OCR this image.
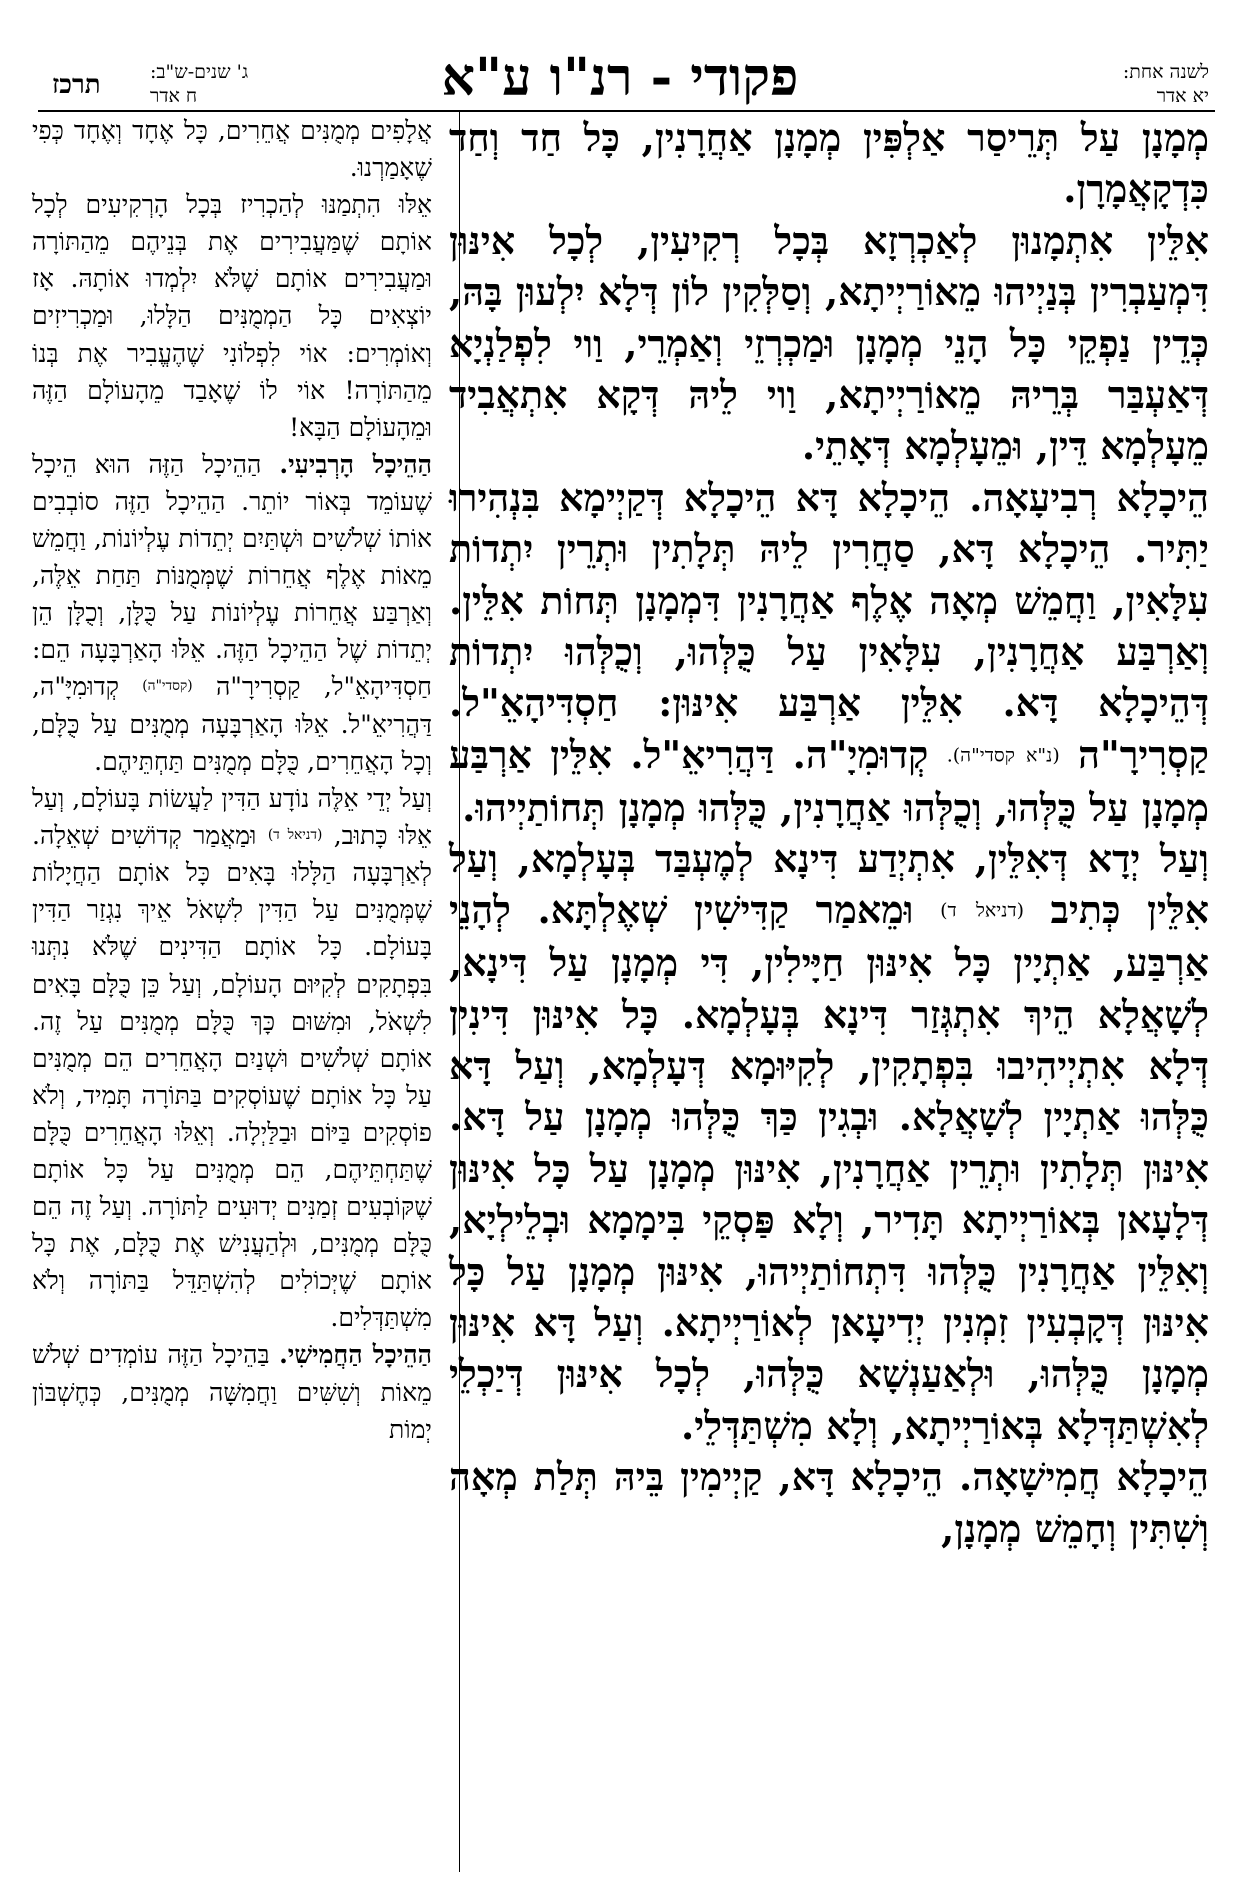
לשנה אחת:
יא אדר
פקודי - רנ"ו ע"א
ג' שנים-ש"ב:
ח אדר
תרכז

מְמָנָן עַל תְּרֵיסַר אַלְפִּין מְמָנָן אַחֲרָנִין, כָּל חַד וְחַד כִּדְקָאֲמָרָן.

אִלֵּין אִתְמָנוּן לְאַכְרְזָא בְּכָל רְקִיעִין, לְכָל אִינּוּן דִּמְעַבְרִין בְּנַיְיהוּ מֵאוֹרַיְיתָא, וְסַלְּקִין לוֹן דְּלָא יִלְעוּן בָּהּ, כְּדֵין נַפְקֵי כָּל הָנֵי מְמָנָן וּמַכְרְזֵי וְאַמְרֵי, וַוי לִפְלַנְיָא דְּאַעְבַּר בְּרֵיהּ מֵאוֹרַיְיתָא, וַוי לֵיהּ דְּקָא אִתְאֲבִיד מֵעָלְמָא דֵּין, וּמֵעָלְמָא דְּאָתֵי.

הֵיכָלָא רְבִיעָאָה. הֵיכָלָא דָּא הֵיכָלָא דְּקַיְימָא בִּנְהִירוּ יַתִּיר. הֵיכָלָא דָּא, סַחֲרִין לֵיהּ תְּלָתִין וּתְרֵין יִתְדוֹת עִלָּאִין, וַחֲמֵשׁ מְאָה אֶלֶף אַחֲרָנִין דִּמְמָנָן תְּחוֹת אִלֵּין. וְאַרְבַּע אַחֲרָנִין, עִלָּאִין עַל כֻּלְּהוּ, וְכֻלְּהוּ יִתְדוֹת דְּהֵיכָלָא דָּא. אִלֵּין אַרְבַּע אִינּוּן: חַסְדִּיהָאֵ"ל. קַסְרִירָ"ה (נ"א קסדי"ה). קְדוּמִיָ"ה. דַּהֲרִיאֵ"ל. אִלֵּין אַרְבַּע מְמָנָן עַל כֻּלְּהוּ, וְכֻלְּהוּ אַחֲרָנִין, כֻּלְּהוּ מְמָנָן תְּחוֹתַיְיהוּ.

וְעַל יְדָא דְּאִלֵּין, אִתְיְדַע דִּינָא לְמֶעְבַּד בְּעָלְמָא, וְעַל אִלֵּין כְּתִיב (דניאל ד) וּמֵאמַר קַדִּישִׁין שְׁאֶלְתָּא. לְהָנֵי אַרְבַּע, אַתְיָין כָּל אִינּוּן חַיָּילִין, דִּי מְמָנָן עַל דִּינָא, לְשָׁאֲלָא הֵיךְ אִתְגְּזַר דִּינָא בְּעָלְמָא. כָּל אִינּוּן דִּינִין דְּלָא אִתְיְיהִיבוּ בִּפְתָקִין, לְקִיּוּמָא דְּעָלְמָא, וְעַל דָּא כֻּלְּהוּ אַתְיָין לְשָׁאֲלָא. וּבְגִין כַּךְ כֻּלְּהוּ מְמָנָן עַל דָּא. אִינּוּן תְּלָתִין וּתְרֵין אַחֲרָנִין, אִינּוּן מְמָנָן עַל כָּל אִינּוּן דְּלָעָאן בְּאוֹרַיְיתָא תָּדִיר, וְלָא פַּסְקֵי בִּימָמָא וּבְלֵילְיָא, וְאִלֵּין אַחֲרָנִין כֻּלְּהוּ דִּתְחוֹתַיְיהוּ, אִינּוּן מְמָנָן עַל כָּל אִינּוּן דְּקָבְעִין זִמְנִין יְדִיעָאן לְאוֹרַיְיתָא. וְעַל דָּא אִינּוּן מְמָנָן כֻּלְּהוּ, וּלְאַעַנְשָׁא כֻּלְּהוּ, לְכָל אִינּוּן דְּיַכְלֵי לְאִשְׁתַּדְּלָא בְּאוֹרַיְיתָא, וְלָא מִשְׁתַּדְּלֵי.

הֵיכָלָא חֲמִישָׁאָה. הֵיכָלָא דָּא, קַיְימִין בֵּיהּ תְּלַת מְאָה וְשִׁתִּין וְחָמֵשׁ מְמָנָן,

אֲלָפִים מְמֻנִּים אֲחֵרִים, כָּל אֶחָד וְאֶחָד כְּפִי שֶׁאָמַרְנוּ.

אֵלּוּ הִתְמַנּוּ לְהַכְרִיז בְּכָל הָרְקִיעִים לְכָל אוֹתָם שֶׁמַּעֲבִירִים אֶת בְּנֵיהֶם מֵהַתּוֹרָה וּמַעֲבִירִים אוֹתָם שֶׁלֹּא יִלְמְדוּ אוֹתָהּ. אָז יוֹצְאִים כָּל הַמְמֻנִּים הַלָּלוּ, וּמַכְרִיזִים וְאוֹמְרִים: אוֹי לִפְלוֹנִי שֶׁהֶעֱבִיר אֶת בְּנוֹ מֵהַתּוֹרָה! אוֹי לוֹ שֶׁאָבַד מֵהָעוֹלָם הַזֶּה וּמֵהָעוֹלָם הַבָּא!

הַהֵיכָל הָרְבִיעִי. הַהֵיכָל הַזֶּה הוּא הֵיכָל שֶׁעוֹמֵד בְּאוֹר יוֹתֵר. הַהֵיכָל הַזֶּה סוֹבְבִים אוֹתוֹ שְׁלֹשִׁים וּשְׁתַּיִם יְתֵדוֹת עֶלְיוֹנוֹת, וַחֲמֵשׁ מֵאוֹת אֶלֶף אֲחֵרוֹת שֶׁמְּמֻנּוֹת תַּחַת אֵלֶּה, וְאַרְבַּע אֲחֵרוֹת עֶלְיוֹנוֹת עַל כֻּלָּן, וְכֻלָּן הֵן יְתֵדוֹת שֶׁל הַהֵיכָל הַזֶּה. אֵלּוּ הָאַרְבָּעָה הֵם: חַסְדִּיהָאֵ"ל, קַסְרִירָ"ה (קסדי"ה) קְדוּמִיָּ"ה, דַּהֲרִיאֵ"ל. אֵלּוּ הָאַרְבָּעָה מְמֻנִּים עַל כֻּלָּם, וְכָל הָאֲחֵרִים, כֻּלָּם מְמֻנִּים תַּחְתֵּיהֶם.

וְעַל יְדֵי אֵלֶּה נוֹדָע הַדִּין לַעֲשׂוֹת בָּעוֹלָם, וְעַל אֵלּוּ כָּתוּב, (דניאל ד) וּמַאֲמַר קְדוֹשִׁים שְׁאֵלָה. לְאַרְבָּעָה הַלָּלוּ בָּאִים כָּל אוֹתָם הַחֲיָלוֹת שֶׁמְּמֻנִּים עַל הַדִּין לִשְׁאֹל אֵיךְ נִגְזַר הַדִּין בָּעוֹלָם. כָּל אוֹתָם הַדִּינִים שֶׁלֹּא נִתְּנוּ בִּפְתָקִים לְקִיּוּם הָעוֹלָם, וְעַל כֵּן כֻּלָּם בָּאִים לִשְׁאֹל, וּמִשּׁוּם כָּךְ כֻּלָּם מְמֻנִּים עַל זֶה. אוֹתָם שְׁלֹשִׁים וּשְׁנַיִם הָאֲחֵרִים הֵם מְמֻנִּים עַל כָּל אוֹתָם שֶׁעוֹסְקִים בַּתּוֹרָה תָּמִיד, וְלֹא פוֹסְקִים בַּיּוֹם וּבַלַּיְלָה. וְאֵלּוּ הָאֲחֵרִים כֻּלָּם שֶׁתַּחְתֵּיהֶם, הֵם מְמֻנִּים עַל כָּל אוֹתָם שֶׁקּוֹבְעִים זְמַנִּים יְדוּעִים לַתּוֹרָה. וְעַל זֶה הֵם כֻּלָּם מְמֻנִּים, וּלְהַעֲנִישׁ אֶת כֻּלָּם, אֶת כָּל אוֹתָם שֶׁיְּכוֹלִים לְהִשְׁתַּדֵּל בַּתּוֹרָה וְלֹא מִשְׁתַּדְּלִים.

הַהֵיכָל הַחֲמִישִׁי. בַּהֵיכָל הַזֶּה עוֹמְדִים שְׁלֹשׁ מֵאוֹת וְשִׁשִּׁים וַחֲמִשָּׁה מְמֻנִּים, כְּחֶשְׁבּוֹן יְמוֹת
